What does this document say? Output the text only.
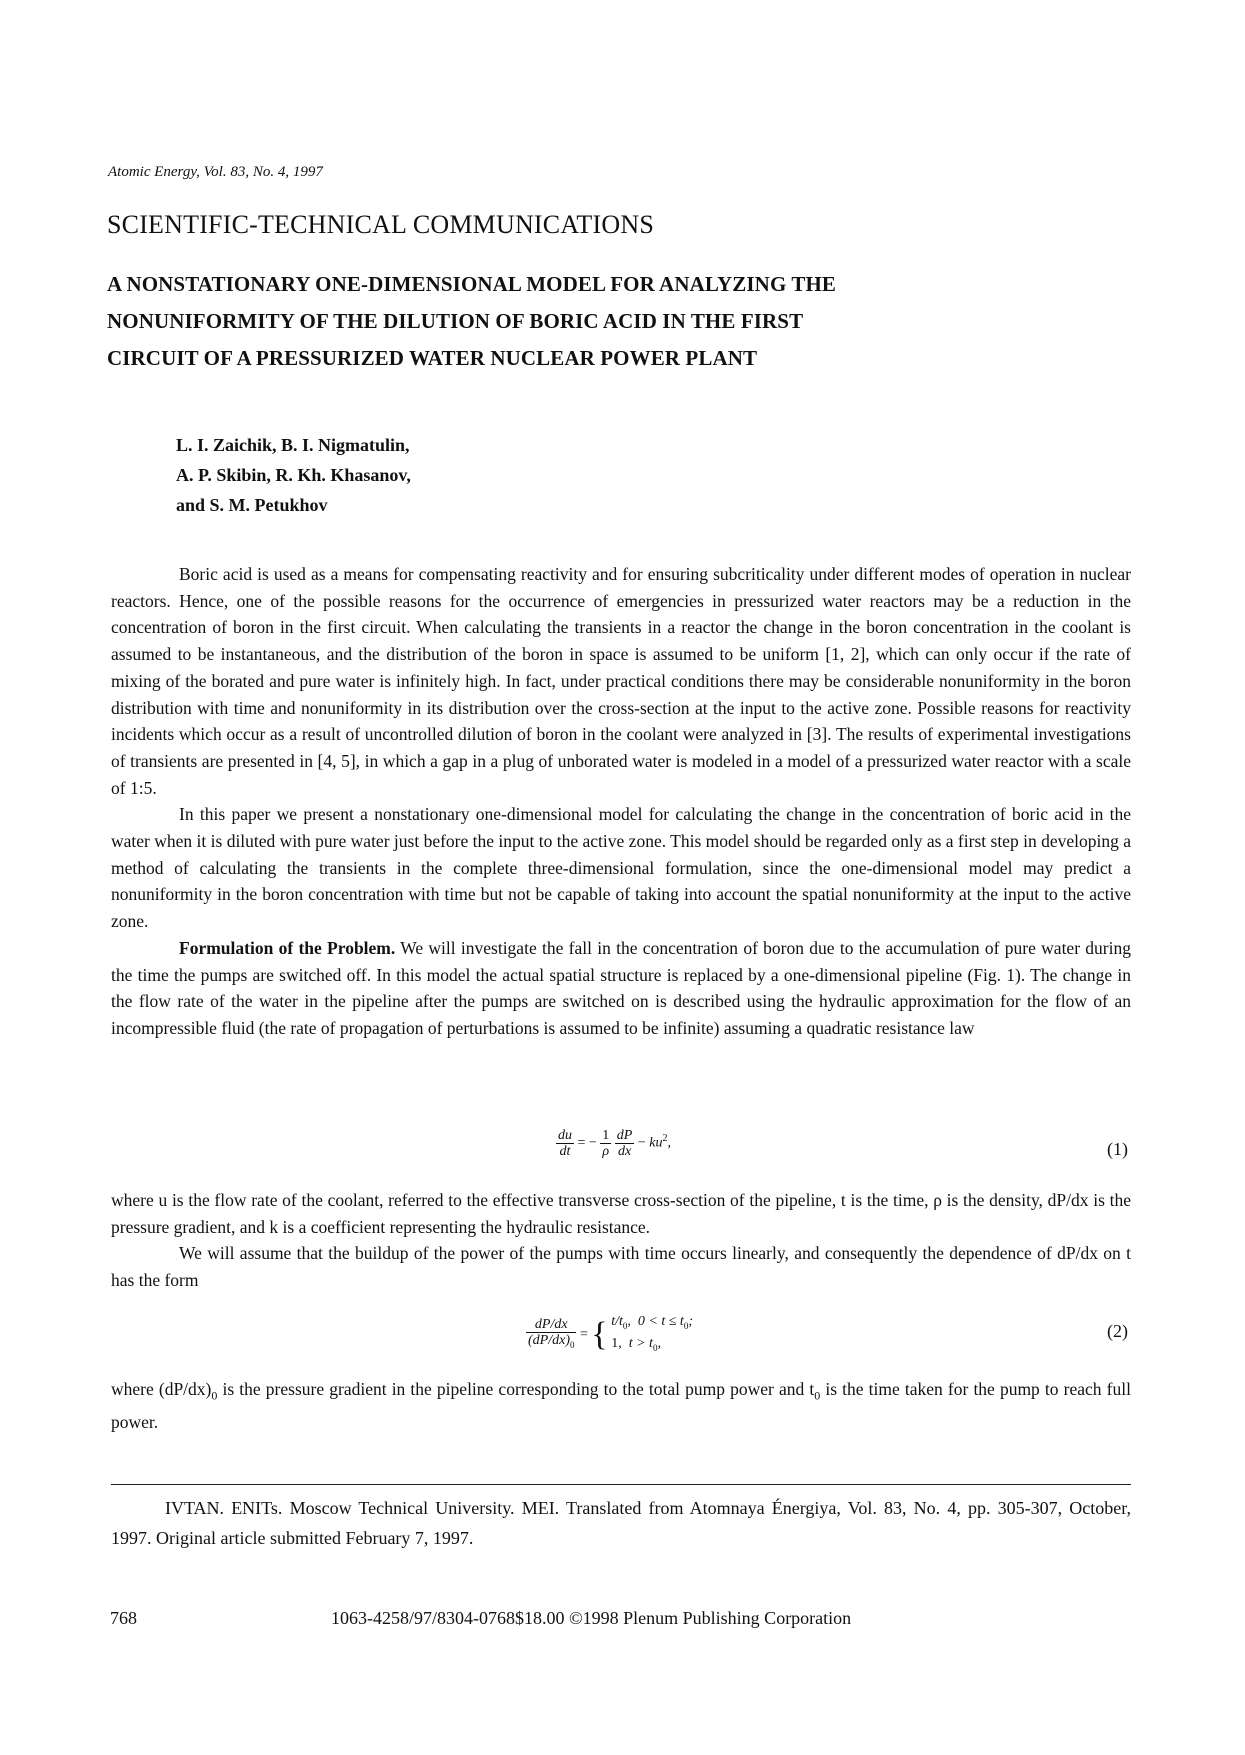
Atomic Energy, Vol. 83, No. 4, 1997
SCIENTIFIC-TECHNICAL COMMUNICATIONS
A NONSTATIONARY ONE-DIMENSIONAL MODEL FOR ANALYZING THE
NONUNIFORMITY OF THE DILUTION OF BORIC ACID IN THE FIRST
CIRCUIT OF A PRESSURIZED WATER NUCLEAR POWER PLANT
L. I. Zaichik, B. I. Nigmatulin,
A. P. Skibin, R. Kh. Khasanov,
and S. M. Petukhov

Boric acid is used as a means for compensating reactivity and for ensuring subcriticality under different modes of operation in nuclear reactors. Hence, one of the possible reasons for the occurrence of emergencies in pressurized water reactors may be a reduction in the concentration of boron in the first circuit. When calculating the transients in a reactor the change in the boron concentration in the coolant is assumed to be instantaneous, and the distribution of the boron in space is assumed to be uniform [1, 2], which can only occur if the rate of mixing of the borated and pure water is infinitely high. In fact, under practical conditions there may be considerable nonuniformity in the boron distribution with time and nonuniformity in its distribution over the cross-section at the input to the active zone. Possible reasons for reactivity incidents which occur as a result of uncontrolled dilution of boron in the coolant were analyzed in [3]. The results of experimental investigations of transients are presented in [4, 5], in which a gap in a plug of unborated water is modeled in a model of a pressurized water reactor with a scale of 1:5.

In this paper we present a nonstationary one-dimensional model for calculating the change in the concentration of boric acid in the water when it is diluted with pure water just before the input to the active zone. This model should be regarded only as a first step in developing a method of calculating the transients in the complete three-dimensional formulation, since the one-dimensional model may predict a nonuniformity in the boron concentration with time but not be capable of taking into account the spatial nonuniformity at the input to the active zone.

Formulation of the Problem. We will investigate the fall in the concentration of boron due to the accumulation of pure water during the time the pumps are switched off. In this model the actual spatial structure is replaced by a one-dimensional pipeline (Fig. 1). The change in the flow rate of the water in the pipeline after the pumps are switched on is described using the hydraulic approximation for the flow of an incompressible fluid (the rate of propagation of perturbations is assumed to be infinite) assuming a quadratic resistance law

$\frac{du}{dt}$ = − $\frac{1}{\rho}$
$\frac{dP}{dx} - ku^2$,	(1)

where u is the flow rate of the coolant, referred to the effective transverse cross-section of the pipeline, t is the time, ρ is the density, dP/dx is the pressure gradient, and k is a coefficient representing the hydraulic resistance.

We will assume that the buildup of the power of the pumps with time occurs linearly, and consequently the dependence of dP/dx on t has the form

$\frac{dP/dx}{(dP/dx)_0}$ = { $t/t_0$,  $0 < t \le t_0$;
1,  $t > t_0$,
(2)

where $(dP/dx)_0$ is the pressure gradient in the pipeline corresponding to the total pump power and $t_0$ is the time taken for the pump to reach full power.

IVTAN. ENITs. Moscow Technical University. MEI. Translated from Atomnaya Énergiya, Vol. 83, No. 4, pp. 305-307, October, 1997. Original article submitted February 7, 1997.

768	1063-4258/97/8304-0768$18.00 ©1998 Plenum Publishing Corporation
